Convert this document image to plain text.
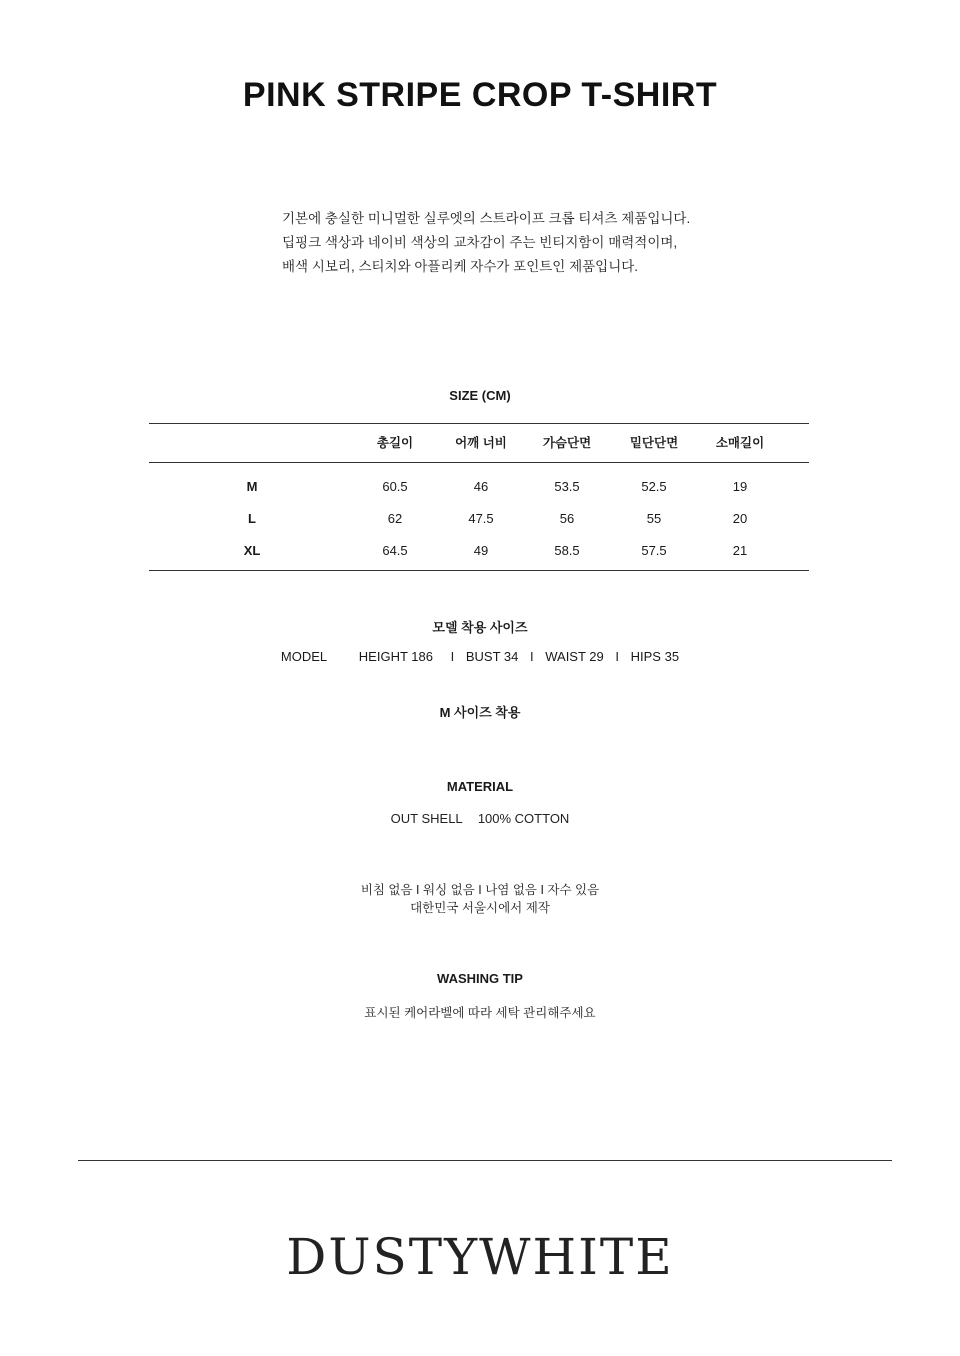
PINK STRIPE CROP T-SHIRT
기본에 충실한 미니멀한 실루엣의 스트라이프 크롭 티셔츠 제품입니다.
딥핑크 색상과 네이비 색상의 교차감이 주는 빈티지함이 매력적이며,
배색 시보리, 스티치와 아플리케 자수가 포인트인 제품입니다.
SIZE (CM)
총길이	어깨 너비	가슴단면	밑단단면	소매길이
M	60.5	46	53.5	52.5	19
L	62	47.5	56	55	20
XL	64.5	49	58.5	57.5	21
모델 착용 사이즈
MODEL HEIGHT 186 I BUST 34 I WAIST 29 I HIPS 35
M 사이즈 착용
MATERIAL
OUT SHELL 100% COTTON
비침 없음 I 워싱 없음 I 나염 없음 I 자수 있음
대한민국 서울시에서 제작
WASHING TIP
표시된 케어라벨에 따라 세탁 관리해주세요
DUSTYWHITE
